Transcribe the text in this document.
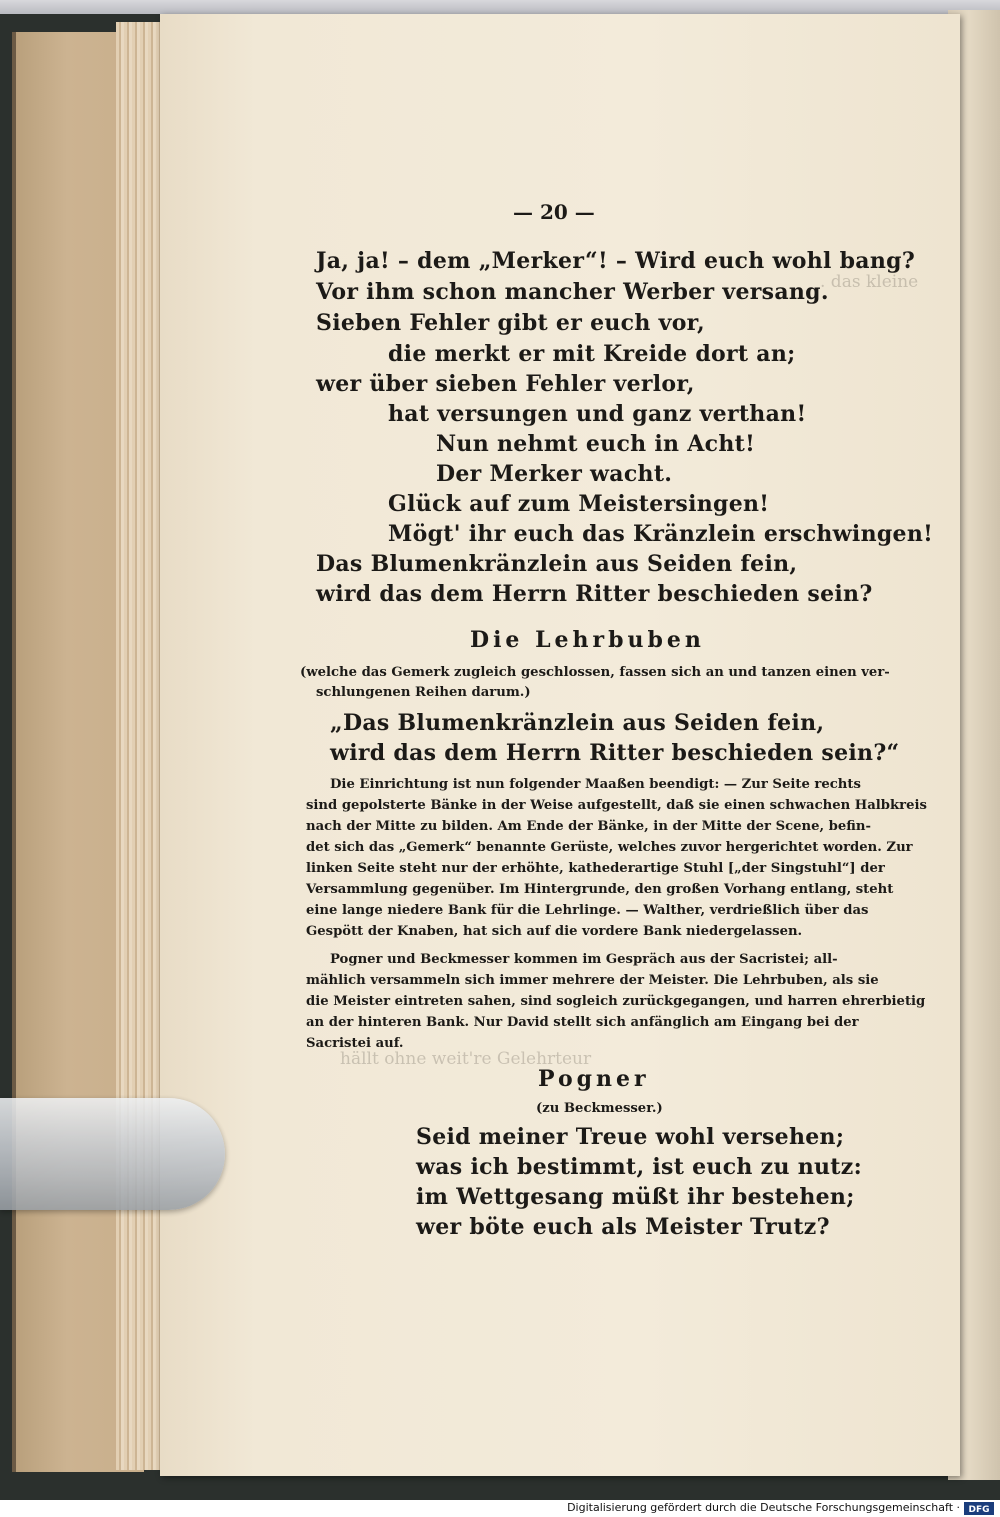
. das kleine
hällt ohne weit're Gelehrteur
— 20 —
Ja, ja! – dem „Merker“! – Wird euch wohl bang?
Vor ihm schon mancher Werber versang.
Sieben Fehler gibt er euch vor,
die merkt er mit Kreide dort an;
wer über sieben Fehler verlor,
hat versungen und ganz verthan!
Nun nehmt euch in Acht!
Der Merker wacht.
Glück auf zum Meistersingen!
Mögt' ihr euch das Kränzlein erschwingen!
Das Blumenkränzlein aus Seiden fein,
wird das dem Herrn Ritter beschieden sein?
Die Lehrbuben
(welche das Gemerk zugleich geschlossen, fassen sich an und tanzen einen ver-
schlungenen Reihen darum.)
„Das Blumenkränzlein aus Seiden fein,
wird das dem Herrn Ritter beschieden sein?“
Die Einrichtung ist nun folgender Maaßen beendigt: — Zur Seite rechts
sind gepolsterte Bänke in der Weise aufgestellt, daß sie einen schwachen Halbkreis
nach der Mitte zu bilden. Am Ende der Bänke, in der Mitte der Scene, befin-
det sich das „Gemerk“ benannte Gerüste, welches zuvor hergerichtet worden. Zur
linken Seite steht nur der erhöhte, kathederartige Stuhl [„der Singstuhl“] der
Versammlung gegenüber. Im Hintergrunde, den großen Vorhang entlang, steht
eine lange niedere Bank für die Lehrlinge. — Walther, verdrießlich über das
Gespött der Knaben, hat sich auf die vordere Bank niedergelassen.
Pogner und Beckmesser kommen im Gespräch aus der Sacristei; all-
mählich versammeln sich immer mehrere der Meister. Die Lehrbuben, als sie
die Meister eintreten sahen, sind sogleich zurückgegangen, und harren ehrerbietig
an der hinteren Bank. Nur David stellt sich anfänglich am Eingang bei der
Sacristei auf.
Pogner
(zu Beckmesser.)
Seid meiner Treue wohl versehen;
was ich bestimmt, ist euch zu nutz:
im Wettgesang müßt ihr bestehen;
wer böte euch als Meister Trutz?
Digitalisierung gefördert durch die Deutsche Forschungsgemeinschaft · DFG
